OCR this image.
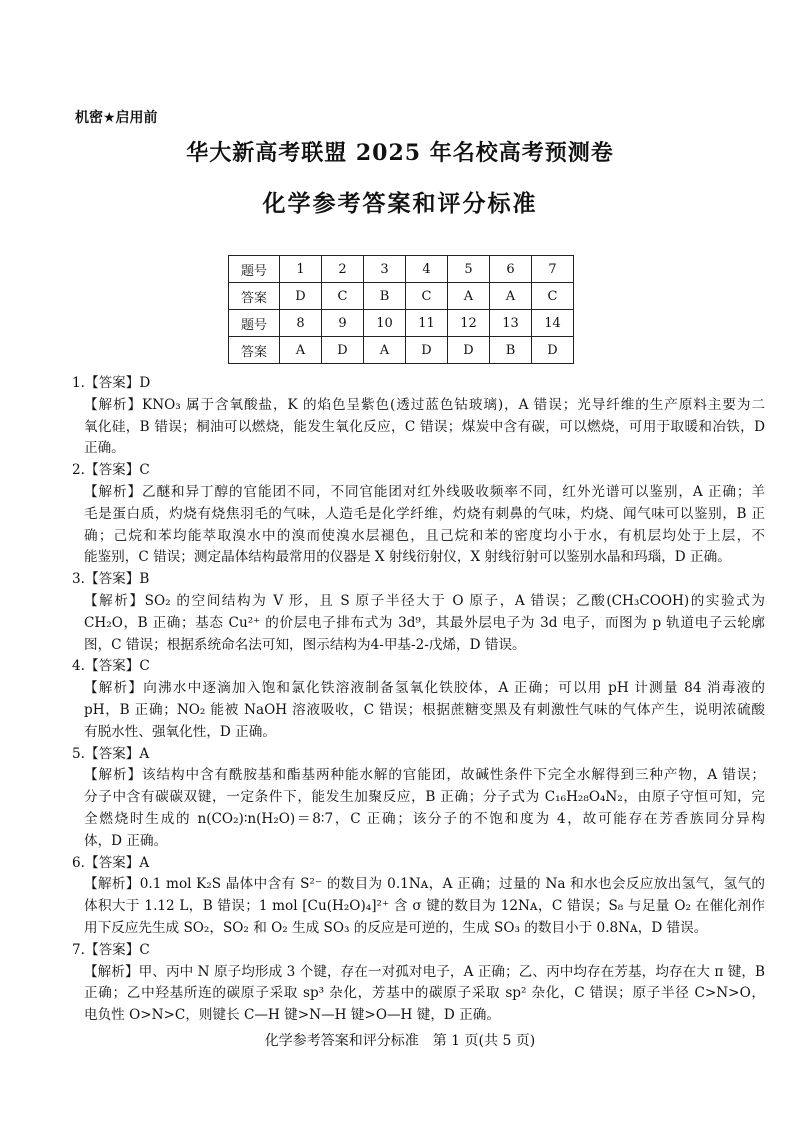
机密★启用前
华大新高考联盟 2025 年名校高考预测卷
化学参考答案和评分标准
题号	1	2	3	4	5	6	7
答案	D	C	B	C	A	A	C
题号	8	9	10	11	12	13	14
答案	A	D	A	D	D	B	D
1.【答案】D
【解析】KNO₃ 属于含氧酸盐，K 的焰色呈紫色(透过蓝色钴玻璃)，A 错误；光导纤维的生产原料主要为二
氧化硅，B 错误；桐油可以燃烧，能发生氧化反应，C 错误；煤炭中含有碳，可以燃烧，可用于取暖和冶铁，D
正确。
2.【答案】C
【解析】乙醚和异丁醇的官能团不同，不同官能团对红外线吸收频率不同，红外光谱可以鉴别，A 正确；羊
毛是蛋白质，灼烧有烧焦羽毛的气味，人造毛是化学纤维，灼烧有刺鼻的气味，灼烧、闻气味可以鉴别，B 正
确；己烷和苯均能萃取溴水中的溴而使溴水层褪色，且己烷和苯的密度均小于水，有机层均处于上层，不
能鉴别，C 错误；测定晶体结构最常用的仪器是 X 射线衍射仪，X 射线衍射可以鉴别水晶和玛瑙，D 正确。
3.【答案】B
【解析】SO₂ 的空间结构为 V 形，且 S 原子半径大于 O 原子，A 错误；乙酸(CH₃COOH)的实验式为
CH₂O，B 正确；基态 Cu²⁺ 的价层电子排布式为 3d⁹，其最外层电子为 3d 电子，而图为 p 轨道电子云轮廓
图，C 错误；根据系统命名法可知，图示结构为4-甲基-2-戊烯，D 错误。
4.【答案】C
【解析】向沸水中逐滴加入饱和氯化铁溶液制备氢氧化铁胶体，A 正确；可以用 pH 计测量 84 消毒液的
pH，B 正确；NO₂ 能被 NaOH 溶液吸收，C 错误；根据蔗糖变黑及有刺激性气味的气体产生，说明浓硫酸
有脱水性、强氧化性，D 正确。
5.【答案】A
【解析】该结构中含有酰胺基和酯基两种能水解的官能团，故碱性条件下完全水解得到三种产物，A 错误；
分子中含有碳碳双键，一定条件下，能发生加聚反应，B 正确；分子式为 C₁₆H₂₈O₄N₂，由原子守恒可知，完
全燃烧时生成的 n(CO₂)∶n(H₂O)＝8∶7，C 正确；该分子的不饱和度为 4，故可能存在芳香族同分异构
体，D 正确。
6.【答案】A
【解析】0.1 mol K₂S 晶体中含有 S²⁻ 的数目为 0.1Nᴀ，A 正确；过量的 Na 和水也会反应放出氢气，氢气的
体积大于 1.12 L，B 错误；1 mol [Cu(H₂O)₄]²⁺ 含 σ 键的数目为 12Nᴀ，C 错误；S₈ 与足量 O₂ 在催化剂作
用下反应先生成 SO₂，SO₂ 和 O₂ 生成 SO₃ 的反应是可逆的，生成 SO₃ 的数目小于 0.8Nᴀ，D 错误。
7.【答案】C
【解析】甲、丙中 N 原子均形成 3 个键，存在一对孤对电子，A 正确；乙、丙中均存在芳基，均存在大 π 键，B
正确；乙中羟基所连的碳原子采取 sp³ 杂化，芳基中的碳原子采取 sp² 杂化，C 错误；原子半径 C>N>O，
电负性 O>N>C，则键长 C—H 键>N—H 键>O—H 键，D 正确。
化学参考答案和评分标准　第 1 页(共 5 页)
